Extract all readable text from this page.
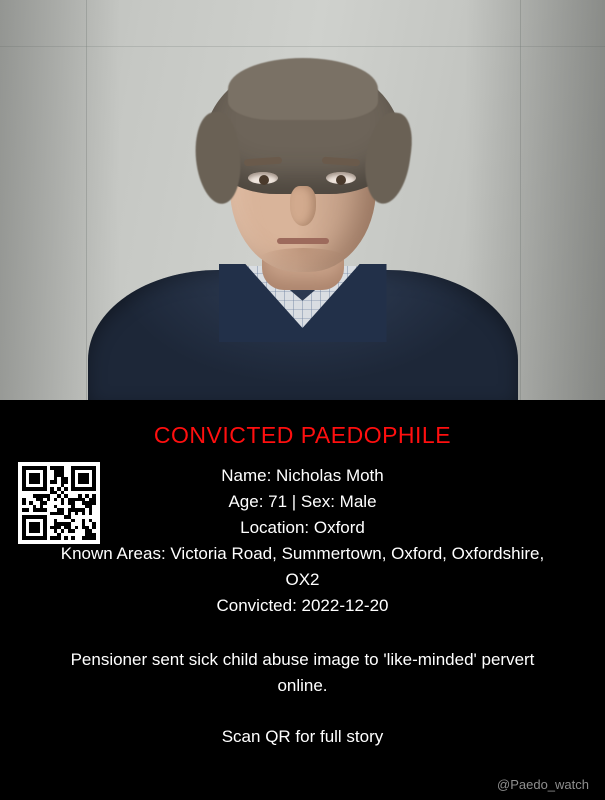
CONVICTED PAEDOPHILE
Name: Nicholas Moth
Age: 71 | Sex: Male
Location: Oxford
Known Areas: Victoria Road, Summertown, Oxford, Oxfordshire, OX2
Convicted: 2022-12-20
Pensioner sent sick child abuse image to 'like-minded' pervert online.
Scan QR for full story
@Paedo_watch
